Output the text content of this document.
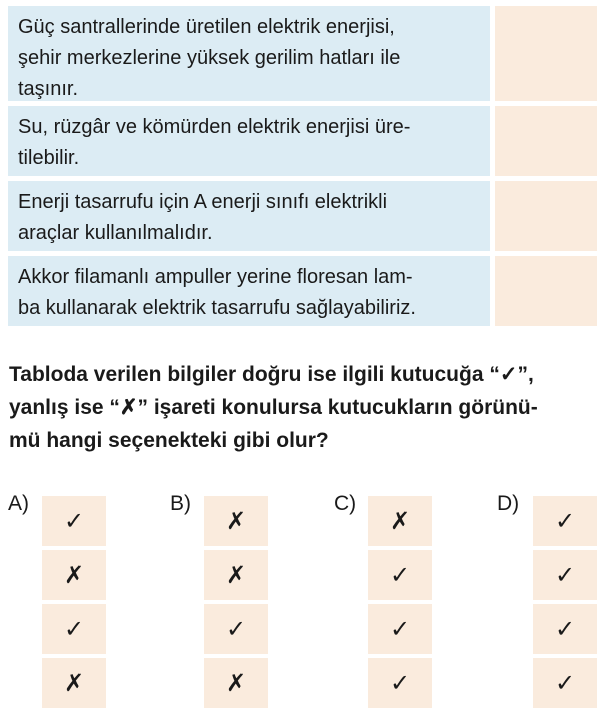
Güç santrallerinde üretilen elektrik enerjisi,
şehir merkezlerine yüksek gerilim hatları ile
taşınır.
Su, rüzgâr ve kömürden elektrik enerjisi üre-
tilebilir.
Enerji tasarrufu için A enerji sınıfı elektrikli
araçlar kullanılmalıdır.
Akkor filamanlı ampuller yerine floresan lam-
ba kullanarak elektrik tasarrufu sağlayabiliriz.
Tabloda verilen bilgiler doğru ise ilgili kutucuğa “✓”,
yanlış ise “✗” işareti konulursa kutucukların görünü-
mü hangi seçenekteki gibi olur?
A)
✓
✗
✓
✗
B)
✗
✗
✓
✗
C)
✗
✓
✓
✓
D)
✓
✓
✓
✓
